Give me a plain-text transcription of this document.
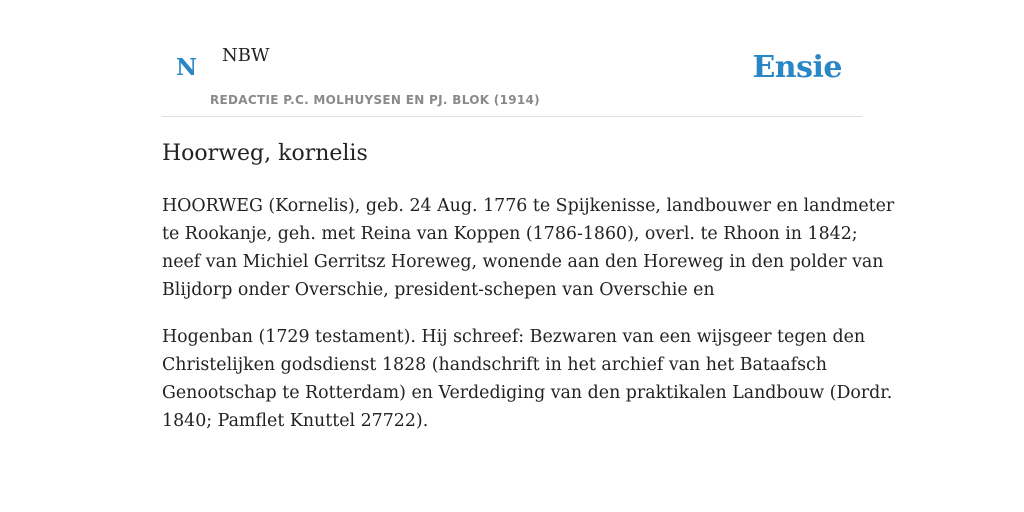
N NBW
REDACTIE P.C. MOLHUYSEN EN PJ. BLOK (1914)
Ensie
Hoorweg, kornelis

HOORWEG (Kornelis), geb. 24 Aug. 1776 te Spijkenisse, landbouwer en landmeter
te Rookanje, geh. met Reina van Koppen (1786-1860), overl. te Rhoon in 1842;
neef van Michiel Gerritsz Horeweg, wonende aan den Horeweg in den polder van
Blijdorp onder Overschie, president-schepen van Overschie en

Hogenban (1729 testament). Hij schreef: Bezwaren van een wijsgeer tegen den
Christelijken godsdienst 1828 (handschrift in het archief van het Bataafsch
Genootschap te Rotterdam) en Verdediging van den praktikalen Landbouw (Dordr.
1840; Pamflet Knuttel 27722).
